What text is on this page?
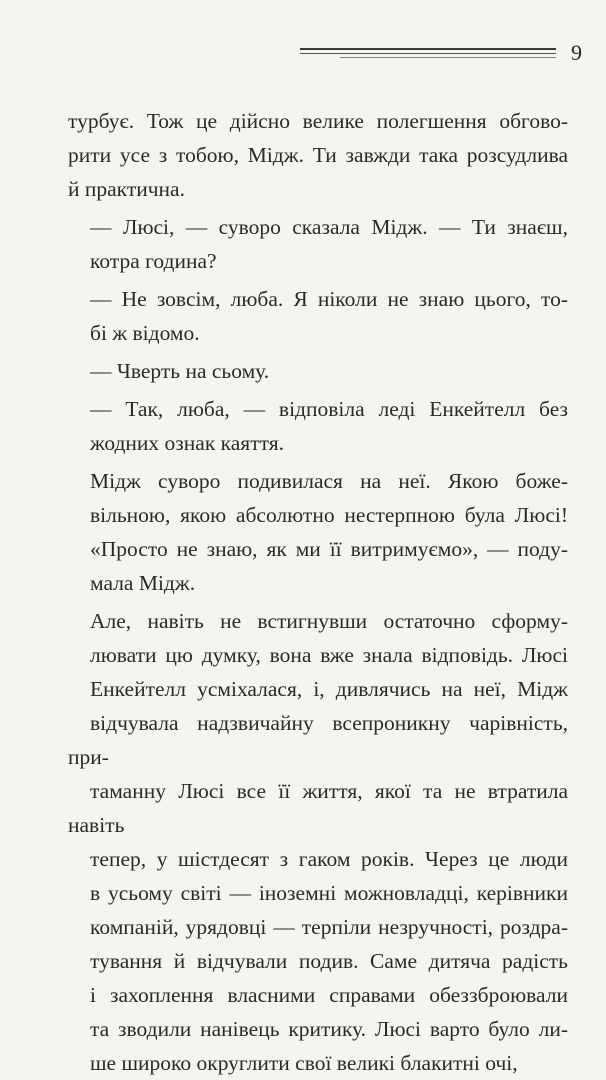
9
турбує. Тож це дійсно велике полегшення обгово-
рити усе з тобою, Мідж. Ти завжди така розсудлива
й практична.
— Люсі, — суворо сказала Мідж. — Ти знаєш,
котра година?
— Не зовсім, люба. Я ніколи не знаю цього, то-
бі ж відомо.
— Чверть на сьому.
— Так, люба, — відповіла леді Енкейтелл без
жодних ознак каяття.
Мідж суворо подивилася на неї. Якою боже-
вільною, якою абсолютно нестерпною була Люсі!
«Просто не знаю, як ми її витримуємо», — поду-
мала Мідж.
Але, навіть не встигнувши остаточно сформу-
лювати цю думку, вона вже знала відповідь. Люсі
Енкейтелл усміхалася, і, дивлячись на неї, Мідж
відчувала надзвичайну всепроникну чарівність, при-
таманну Люсі все її життя, якої та не втратила навіть
тепер, у шістдесят з гаком років. Через це люди
в усьому світі — іноземні можновладці, керівники
компаній, урядовці — терпіли незручності, роздра-
тування й відчували подив. Саме дитяча радість
і захоплення власними справами обеззброювали
та зводили нанівець критику. Люсі варто було ли-
ше широко округлити свої великі блакитні очі,
